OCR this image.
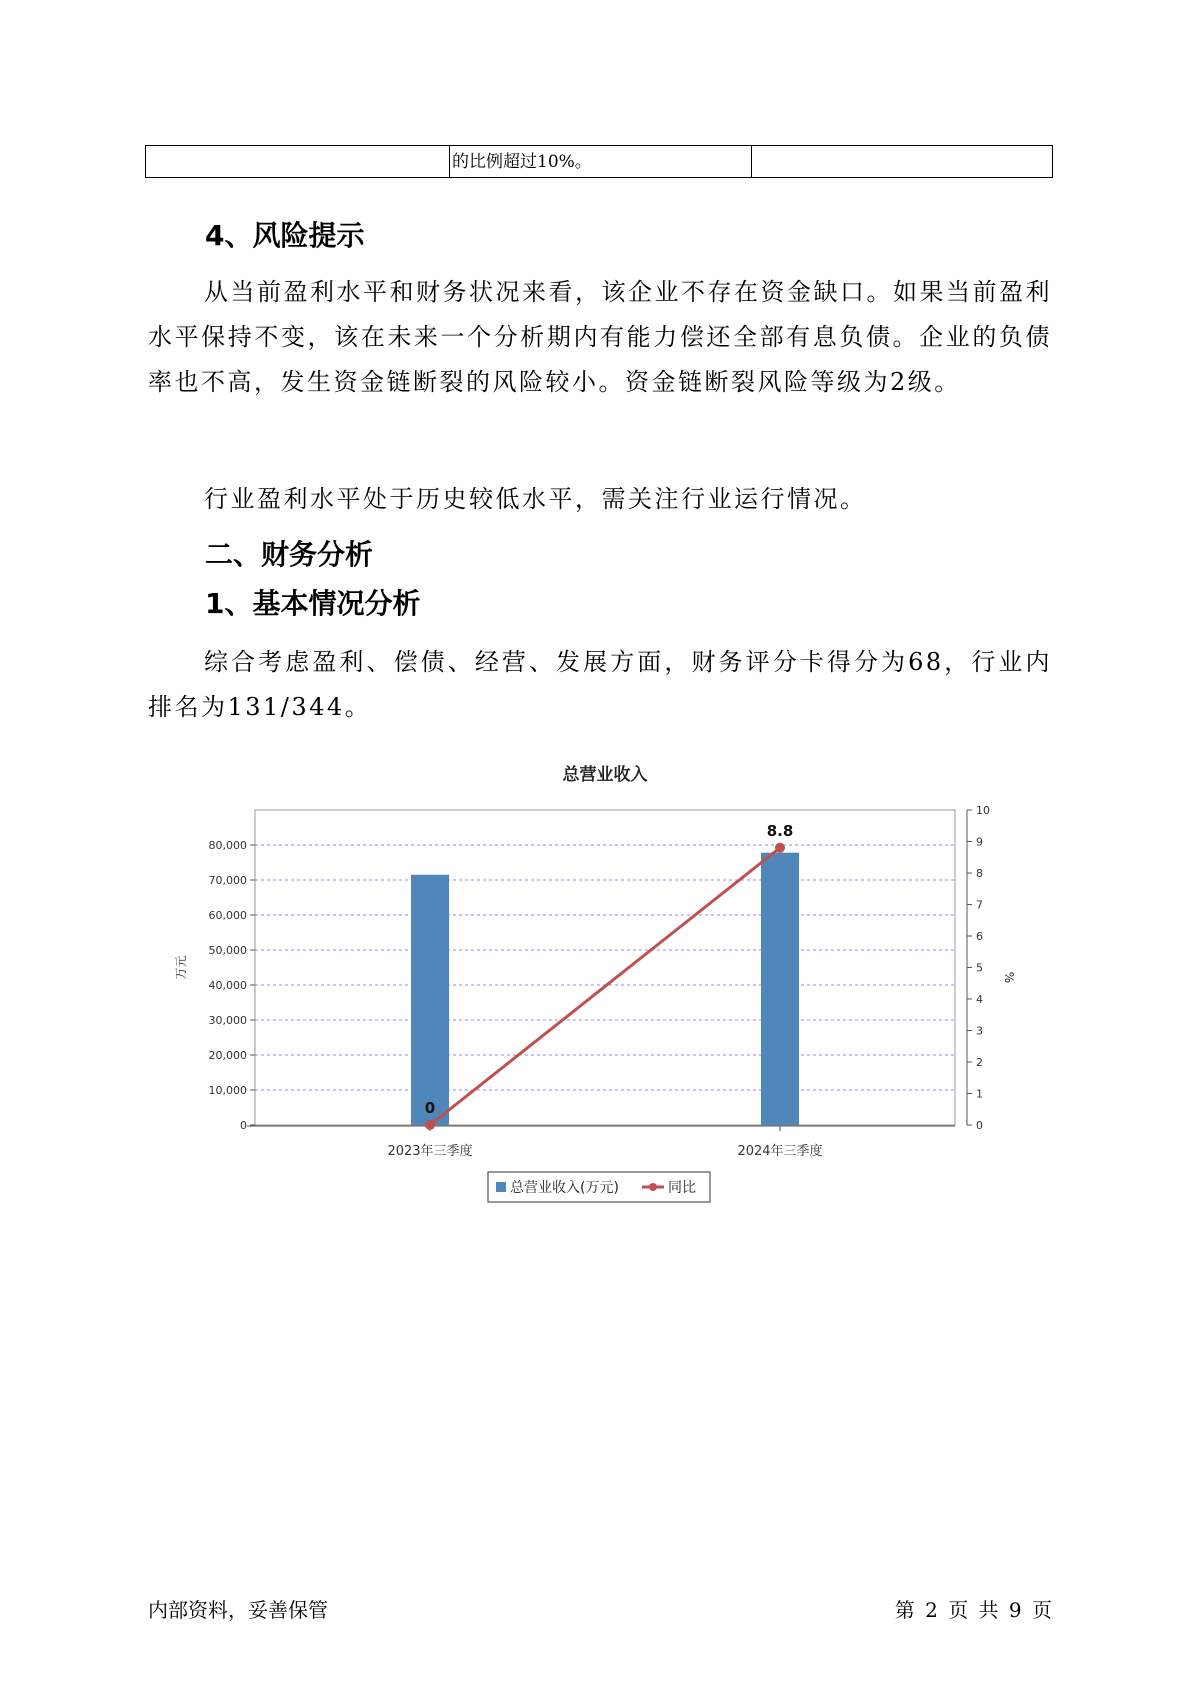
的比例超过10%。
4、风险提示

从当前盈利水平和财务状况来看，该企业不存在资金缺口。如果当前盈利水平保持不变，该在未来一个分析期内有能力偿还全部有息负债。企业的负债率也不高，发生资金链断裂的风险较小。资金链断裂风险等级为2级。

行业盈利水平处于历史较低水平，需关注行业运行情况。

二、财务分析
1、基本情况分析

综合考虑盈利、偿债、经营、发展方面，财务评分卡得分为68，行业内排名为131/344。

总营业收入
0
10,000
20,000
30,000
40,000
50,000
60,000
70,000
80,000
0
1
2
3
4
5
6
7
8
9
10
万元	%
2023年三季度	2024年三季度
0
8.8
总营业收入(万元)	同比
内部资料，妥善保管	第 2 页 共 9 页
